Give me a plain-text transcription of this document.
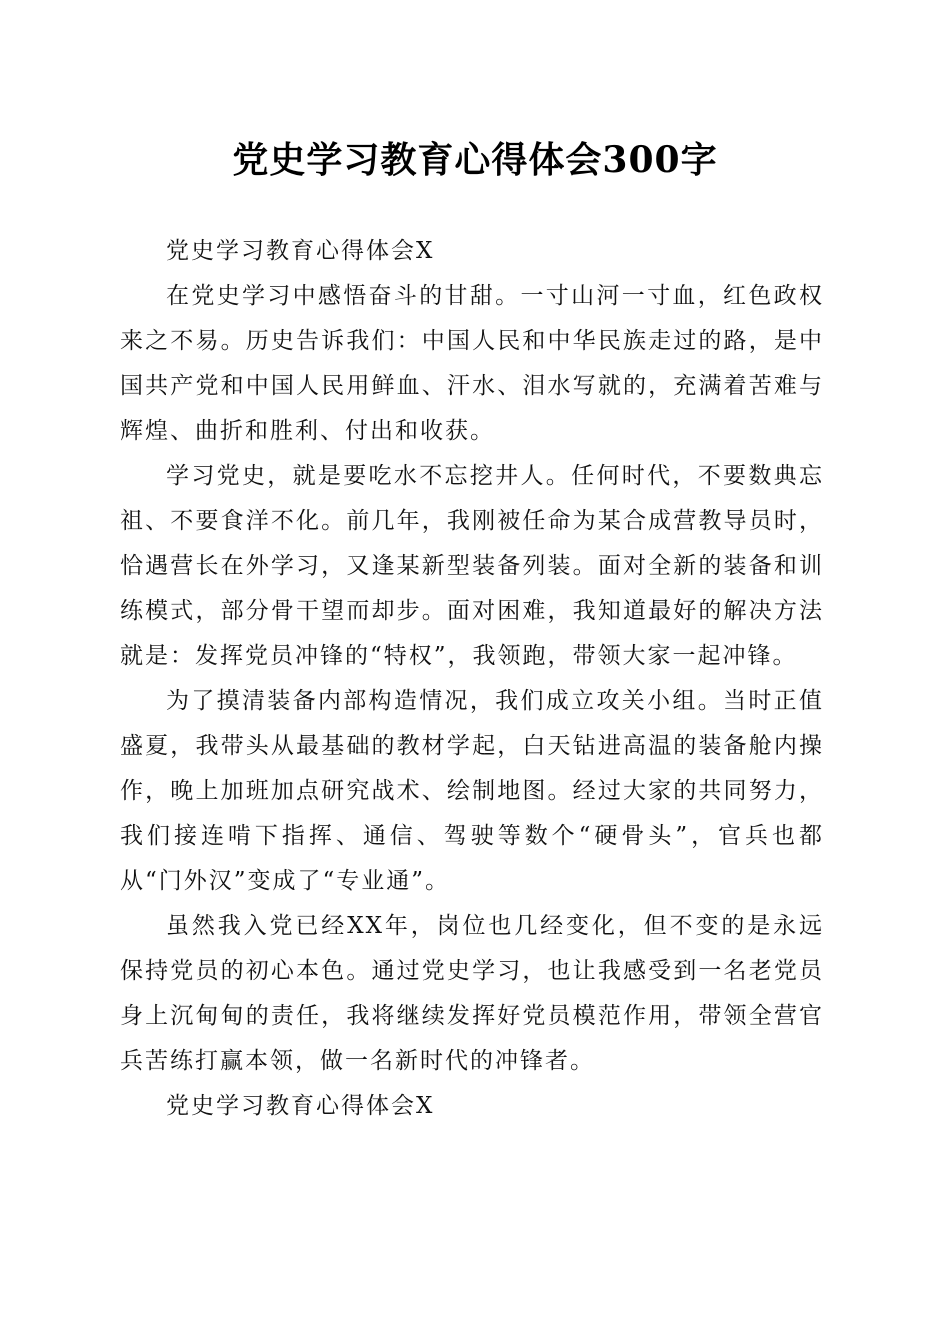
党史学习教育心得体会300字

党史学习教育心得体会X

在党史学习中感悟奋斗的甘甜。一寸山河一寸血，红色政权来之不易。历史告诉我们：中国人民和中华民族走过的路，是中国共产党和中国人民用鲜血、汗水、泪水写就的，充满着苦难与辉煌、曲折和胜利、付出和收获。

学习党史，就是要吃水不忘挖井人。任何时代，不要数典忘祖、不要食洋不化。前几年，我刚被任命为某合成营教导员时，恰遇营长在外学习，又逢某新型装备列装。面对全新的装备和训练模式，部分骨干望而却步。面对困难，我知道最好的解决方法就是：发挥党员冲锋的“特权”，我领跑，带领大家一起冲锋。

为了摸清装备内部构造情况，我们成立攻关小组。当时正值盛夏，我带头从最基础的教材学起，白天钻进高温的装备舱内操作，晚上加班加点研究战术、绘制地图。经过大家的共同努力，我们接连啃下指挥、通信、驾驶等数个“硬骨头”，官兵也都从“门外汉”变成了“专业通”。

虽然我入党已经XX年，岗位也几经变化，但不变的是永远保持党员的初心本色。通过党史学习，也让我感受到一名老党员身上沉甸甸的责任，我将继续发挥好党员模范作用，带领全营官兵苦练打赢本领，做一名新时代的冲锋者。

党史学习教育心得体会X
